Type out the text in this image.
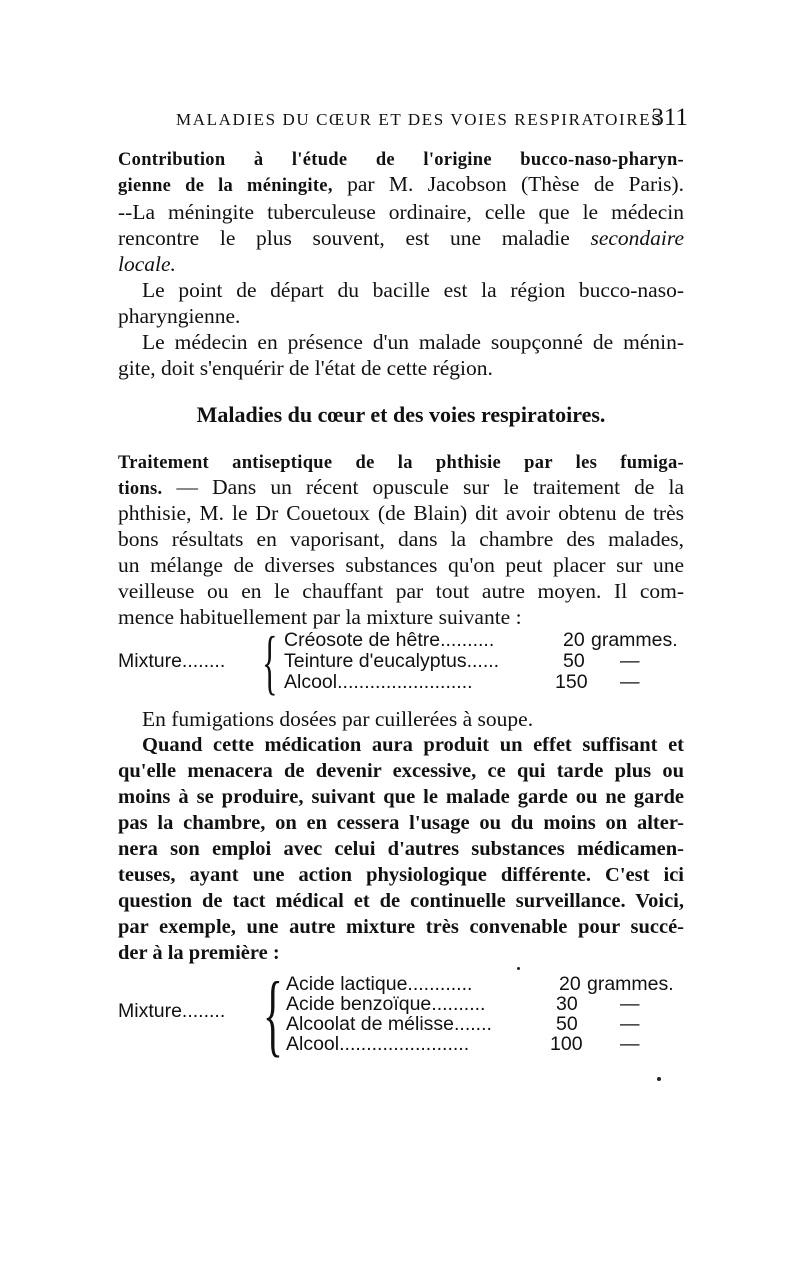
MALADIES DU CŒUR ET DES VOIES RESPIRATOIRES
311
Contribution à l'étude de l'origine bucco-naso-pharyn-
gienne de la méningite, par M. Jacobson (Thèse de Paris).
--La méningite tuberculeuse ordinaire, celle que le médecin
rencontre le plus souvent, est une maladie secondaire
locale.
Le point de départ du bacille est la région bucco-naso-
pharyngienne.
Le médecin en présence d'un malade soupçonné de ménin-
gite, doit s'enquérir de l'état de cette région.
Maladies du cœur et des voies respiratoires.
Traitement antiseptique de la phthisie par les fumiga-
tions. — Dans un récent opuscule sur le traitement de la
phthisie, M. le Dr Couetoux (de Blain) dit avoir obtenu de très
bons résultats en vaporisant, dans la chambre des malades,
un mélange de diverses substances qu'on peut placer sur une
veilleuse ou en le chauffant par tout autre moyen. Il com-
mence habituellement par la mixture suivante :
Mixture........ { Créosote de hêtre..........	20 grammes.
Teinture d'eucalyptus......	50 —
Alcool.........................	150 —
En fumigations dosées par cuillerées à soupe.
Quand cette médication aura produit un effet suffisant et
qu'elle menacera de devenir excessive, ce qui tarde plus ou
moins à se produire, suivant que le malade garde ou ne garde
pas la chambre, on en cessera l'usage ou du moins on alter-
nera son emploi avec celui d'autres substances médicamen-
teuses, ayant une action physiologique différente. C'est ici
question de tact médical et de continuelle surveillance. Voici,
par exemple, une autre mixture très convenable pour succé-
der à la première :
Mixture........ { Acide lactique............	20 grammes.
Acide benzoïque..........	30 —
Alcoolat de mélisse.......	50 —
Alcool........................	100 —
